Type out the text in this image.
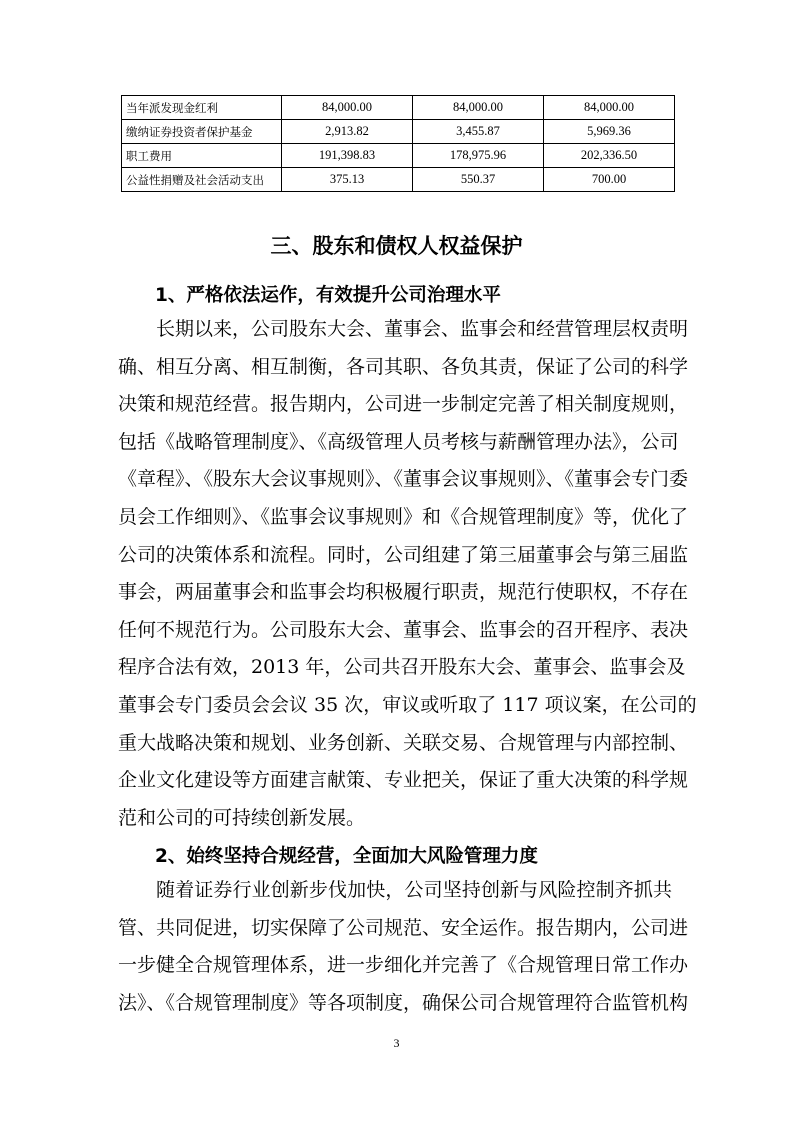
当年派发现金红利	84,000.00	84,000.00	84,000.00
缴纳证券投资者保护基金	2,913.82	3,455.87	5,969.36
职工费用	191,398.83	178,975.96	202,336.50
公益性捐赠及社会活动支出	375.13	550.37	700.00
三、股东和债权人权益保护
1、严格依法运作，有效提升公司治理水平
长期以来，公司股东大会、董事会、监事会和经营管理层权责明
确、相互分离、相互制衡，各司其职、各负其责，保证了公司的科学
决策和规范经营。报告期内，公司进一步制定完善了相关制度规则，
包括《战略管理制度》、《高级管理人员考核与薪酬管理办法》，公司
《章程》、《股东大会议事规则》、《董事会议事规则》、《董事会专门委
员会工作细则》、《监事会议事规则》和《合规管理制度》等，优化了
公司的决策体系和流程。同时，公司组建了第三届董事会与第三届监
事会，两届董事会和监事会均积极履行职责，规范行使职权，不存在
任何不规范行为。公司股东大会、董事会、监事会的召开程序、表决
程序合法有效，2013 年，公司共召开股东大会、董事会、监事会及
董事会专门委员会会议 35 次，审议或听取了 117 项议案，在公司的
重大战略决策和规划、业务创新、关联交易、合规管理与内部控制、
企业文化建设等方面建言献策、专业把关，保证了重大决策的科学规
范和公司的可持续创新发展。
2、始终坚持合规经营，全面加大风险管理力度
随着证券行业创新步伐加快，公司坚持创新与风险控制齐抓共
管、共同促进，切实保障了公司规范、安全运作。报告期内，公司进
一步健全合规管理体系，进一步细化并完善了《合规管理日常工作办
法》、《合规管理制度》等各项制度，确保公司合规管理符合监管机构
3
